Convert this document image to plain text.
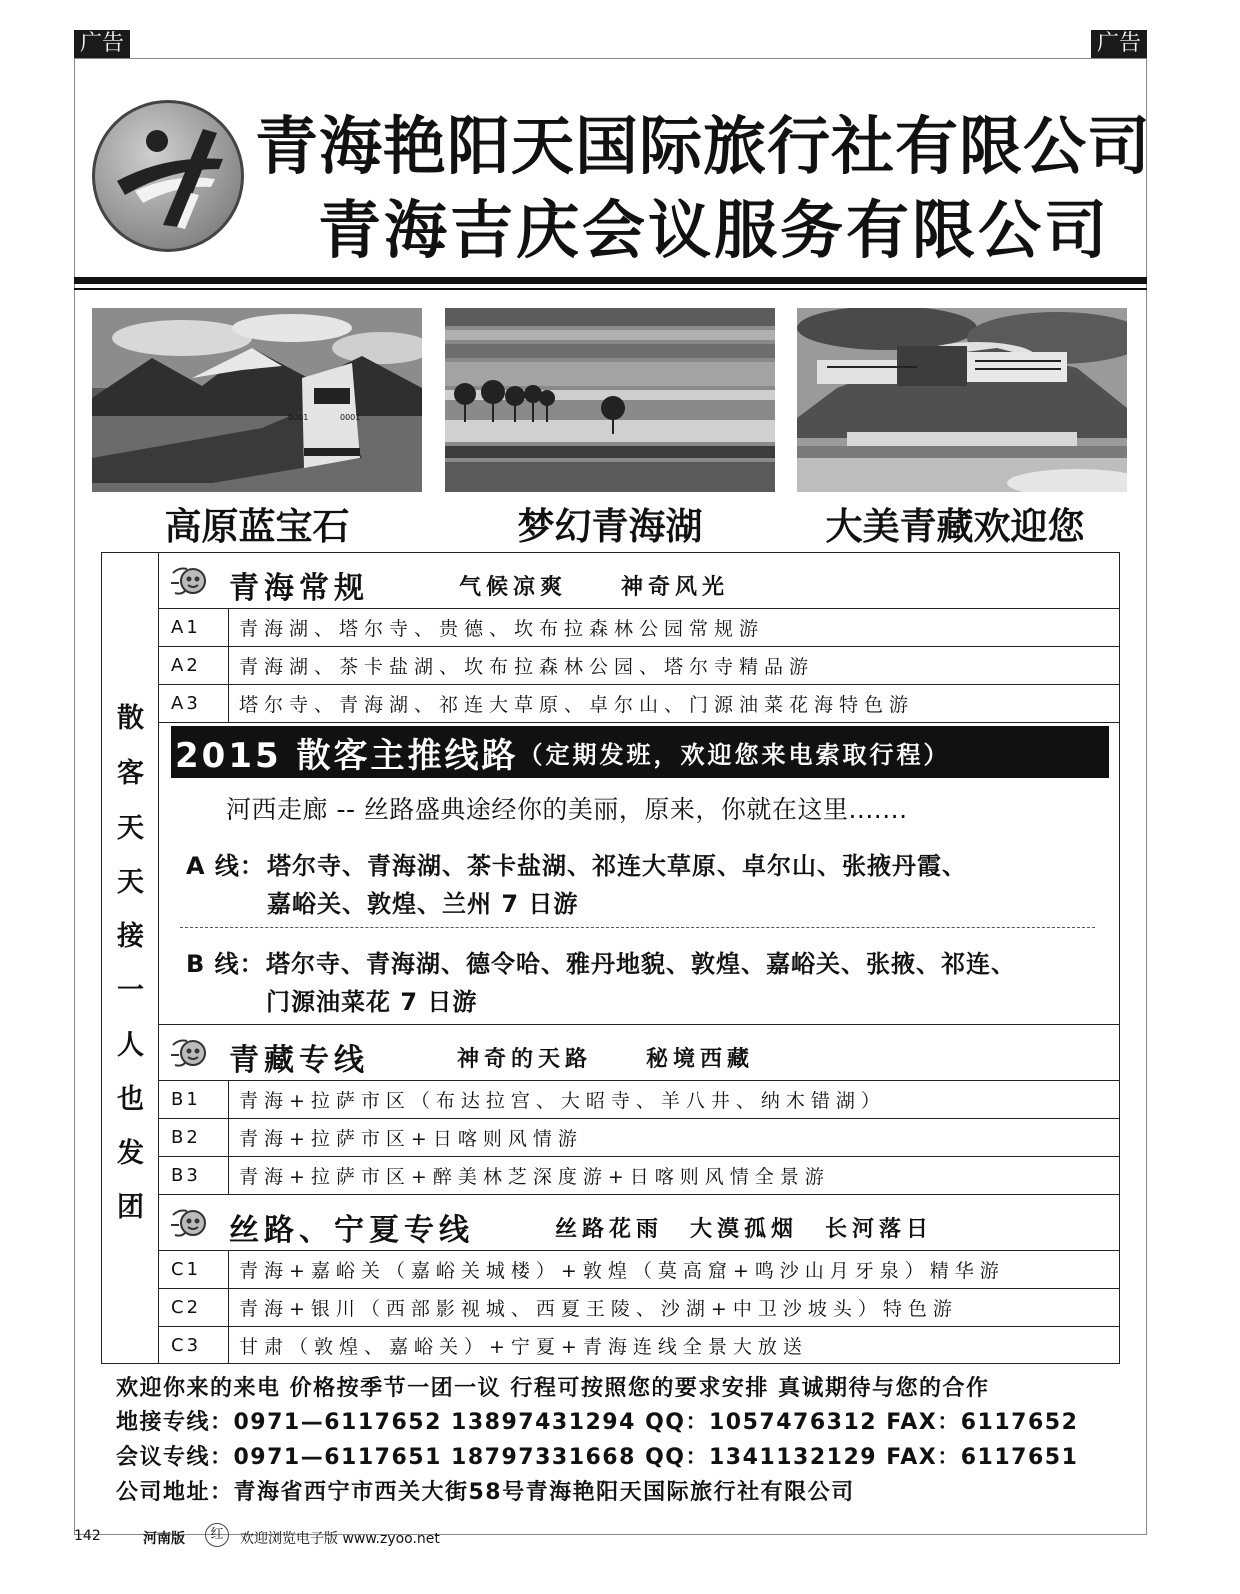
广告	广告
青海艳阳天国际旅行社有限公司
青海吉庆会议服务有限公司
0001	0001
高原蓝宝石	梦幻青海湖	大美青藏欢迎您
散
客
天
天
接
一
人
也
发
团
青海常规	气候凉爽　　神奇风光
A1	青海湖、塔尔寺、贵德、坎布拉森林公园常规游
A2	青海湖、茶卡盐湖、坎布拉森林公园、塔尔寺精品游
A3	塔尔寺、青海湖、祁连大草原、卓尔山、门源油菜花海特色游
青藏专线	神奇的天路　　秘境西藏
B1	青海+拉萨市区（布达拉宫、大昭寺、羊八井、纳木错湖）
B2	青海+拉萨市区+日喀则风情游
B3	青海+拉萨市区+醉美林芝深度游+日喀则风情全景游
丝路、宁夏专线	丝路花雨　大漠孤烟　长河落日
C1	青海+嘉峪关（嘉峪关城楼）+敦煌（莫高窟+鸣沙山月牙泉）精华游
C2	青海+银川（西部影视城、西夏王陵、沙湖+中卫沙坡头）特色游
C3	甘肃（敦煌、嘉峪关）+宁夏+青海连线全景大放送
2015 散客主推线路 （定期发班，欢迎您来电索取行程）
河西走廊 -- 丝路盛典途经你的美丽，原来，你就在这里.......
A 线： 塔尔寺、青海湖、茶卡盐湖、祁连大草原、卓尔山、张掖丹霞、
嘉峪关、敦煌、兰州 7 日游
B 线： 塔尔寺、青海湖、德令哈、雅丹地貌、敦煌、嘉峪关、张掖、祁连、
门源油菜花 7 日游
欢迎你来的来电 价格按季节一团一议 行程可按照您的要求安排 真诚期待与您的合作
地接专线：0971—6117652 13897431294 QQ：1057476312 FAX：6117652
会议专线：0971—6117651 18797331668 QQ：1341132129 FAX：6117651
公司地址：青海省西宁市西关大街58号青海艳阳天国际旅行社有限公司
142	河南版	红	欢迎浏览电子版 www.zyoo.net
